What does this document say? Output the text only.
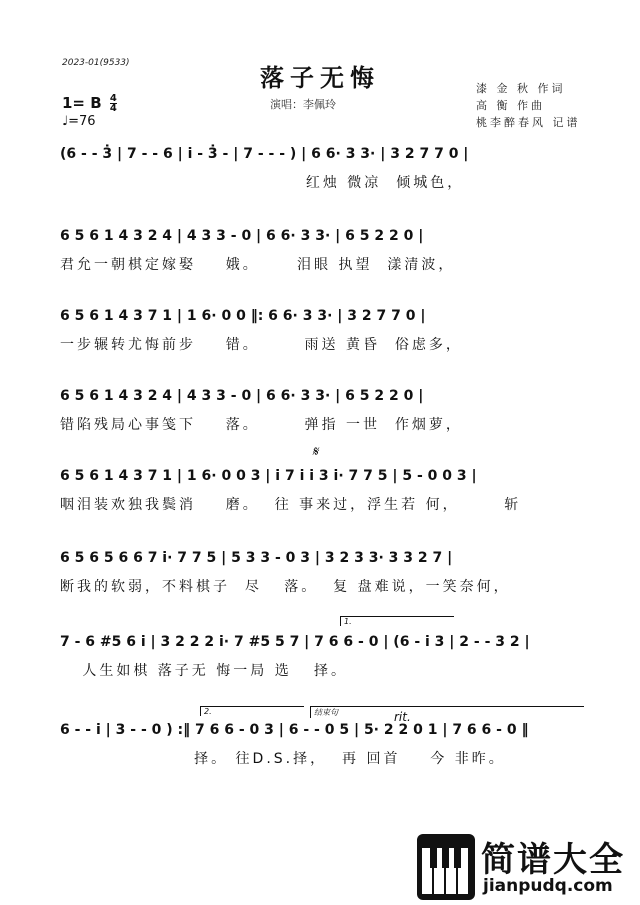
2023-01(9533)	落子无悔
演唱：李佩玲
漆 金 秋 作词
高 衡 作曲
桃李醉春风 记谱
1= B $\frac{4}{4}$
♩=76
(6 - - 3̇ | 7 - - 6 | i - 3̇ - | 7 - - - ) | 6 6· 3 3· | 3 2 7 7 0 |
红烛 微凉  倾城色，
6 5 6 1 4 3 2 4 | 4 3 3 - 0 | 6 6· 3 3· | 6 5 2 2 0 |
君允一朝棋定嫁娶    娥。     泪眼 执望  漾清波，
6 5 6 1 4 3 7 1 | 1 6· 0 0 ‖: 6 6· 3 3· | 3 2 7 7 0 |
一步辗转尤悔前步    错。      雨送 黄昏  俗虑多，
6 5 6 1 4 3 2 4 | 4 3 3 - 0 | 6 6· 3 3· | 6 5 2 2 0 |
错陷残局心事笺下    落。      弹指 一世  作烟萝，
𝄋
6 5 6 1 4 3 7 1 | 1 6· 0 0 3 | i 7 i i 3 i· 7 7 5 | 5 - 0 0 3 |
咽泪装欢独我鬓消    磨。  往 事来过，浮生若 何，      斩
6 5 6 5 6 6 7 i· 7 7 5 | 5 3 3 - 0 3 | 3 2 3 3· 3 3 2 7 |
断我的软弱，不料棋子  尽   落。  复 盘难说，一笑奈何，
1.
7 - 6 #5 6 i | 3 2 2 2 i· 7 #5 5 7 | 7 6 6 - 0 | (6 - i 3 | 2 - - 3 2 |
人生如棋 落子无 悔一局 选   择。
2.	结束句	rit.
6 - - i | 3 - - 0 ) :‖ 7 6 6 - 0 3 | 6 - - 0 5 | 5· 2 2 0 1 | 7 6 6 - 0 ‖
择。 往D.S.择，  再 回首    今 非昨。
简谱大全
jianpudq.com
